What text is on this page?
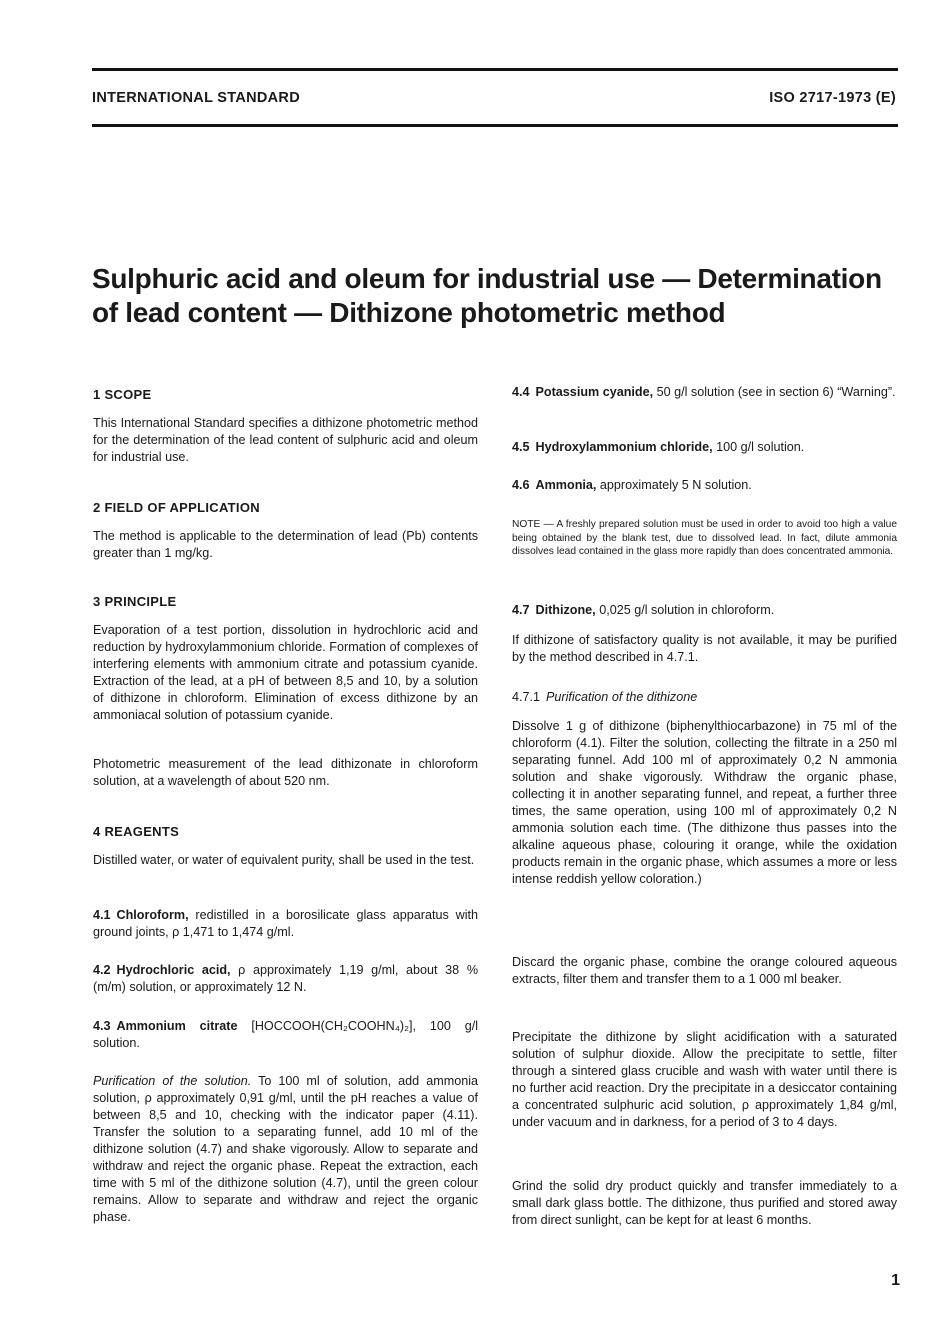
INTERNATIONAL STANDARD	ISO 2717-1973 (E)
Sulphuric acid and oleum for industrial use — Determination of lead content — Dithizone photometric method
1 SCOPE

This International Standard specifies a dithizone photometric method for the determination of the lead content of sulphuric acid and oleum for industrial use.

2 FIELD OF APPLICATION

The method is applicable to the determination of lead (Pb) contents greater than 1 mg/kg.

3 PRINCIPLE

Evaporation of a test portion, dissolution in hydrochloric acid and reduction by hydroxylammonium chloride. Formation of complexes of interfering elements with ammonium citrate and potassium cyanide. Extraction of the lead, at a pH of between 8,5 and 10, by a solution of dithizone in chloroform. Elimination of excess dithizone by an ammoniacal solution of potassium cyanide.

Photometric measurement of the lead dithizonate in chloroform solution, at a wavelength of about 520 nm.

4 REAGENTS

Distilled water, or water of equivalent purity, shall be used in the test.

4.1 Chloroform, redistilled in a borosilicate glass apparatus with ground joints, ρ 1,471 to 1,474 g/ml.

4.2 Hydrochloric acid, ρ approximately 1,19 g/ml, about 38 % (m/m) solution, or approximately 12 N.

4.3 Ammonium citrate [HOCCOOH(CH₂COOHN₄)₂], 100 g/l solution.

Purification of the solution. To 100 ml of solution, add ammonia solution, ρ approximately 0,91 g/ml, until the pH reaches a value of between 8,5 and 10, checking with the indicator paper (4.11). Transfer the solution to a separating funnel, add 10 ml of the dithizone solution (4.7) and shake vigorously. Allow to separate and withdraw and reject the organic phase. Repeat the extraction, each time with 5 ml of the dithizone solution (4.7), until the green colour remains. Allow to separate and withdraw and reject the organic phase.

4.4 Potassium cyanide, 50 g/l solution (see in section 6) “Warning”.

4.5 Hydroxylammonium chloride, 100 g/l solution.

4.6 Ammonia, approximately 5 N solution.

NOTE — A freshly prepared solution must be used in order to avoid too high a value being obtained by the blank test, due to dissolved lead. In fact, dilute ammonia dissolves lead contained in the glass more rapidly than does concentrated ammonia.

4.7 Dithizone, 0,025 g/l solution in chloroform.

If dithizone of satisfactory quality is not available, it may be purified by the method described in 4.7.1.

4.7.1 Purification of the dithizone

Dissolve 1 g of dithizone (biphenylthiocarbazone) in 75 ml of the chloroform (4.1). Filter the solution, collecting the filtrate in a 250 ml separating funnel. Add 100 ml of approximately 0,2 N ammonia solution and shake vigorously. Withdraw the organic phase, collecting it in another separating funnel, and repeat, a further three times, the same operation, using 100 ml of approximately 0,2 N ammonia solution each time. (The dithizone thus passes into the alkaline aqueous phase, colouring it orange, while the oxidation products remain in the organic phase, which assumes a more or less intense reddish yellow coloration.)

Discard the organic phase, combine the orange coloured aqueous extracts, filter them and transfer them to a 1 000 ml beaker.

Precipitate the dithizone by slight acidification with a saturated solution of sulphur dioxide. Allow the precipitate to settle, filter through a sintered glass crucible and wash with water until there is no further acid reaction. Dry the precipitate in a desiccator containing a concentrated sulphuric acid solution, ρ approximately 1,84 g/ml, under vacuum and in darkness, for a period of 3 to 4 days.

Grind the solid dry product quickly and transfer immediately to a small dark glass bottle. The dithizone, thus purified and stored away from direct sunlight, can be kept for at least 6 months.

1
